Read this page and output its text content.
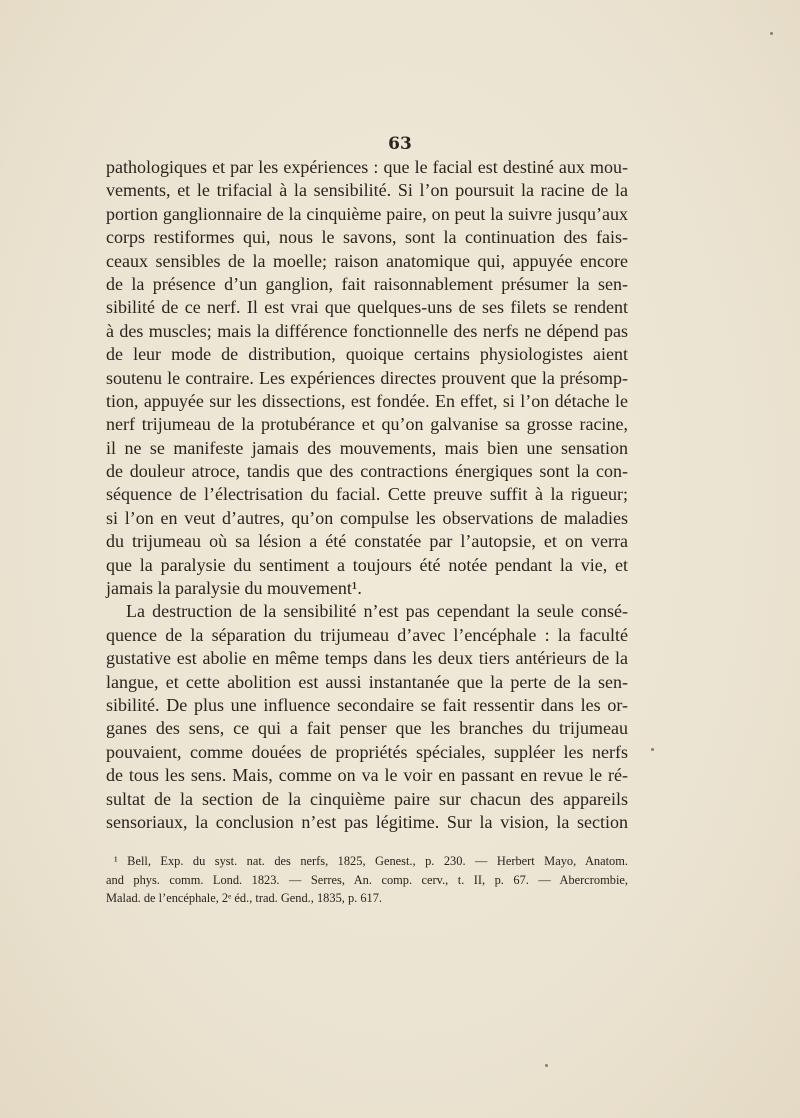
63
pathologiques et par les expériences : que le facial est destiné aux mou-
vements, et le trifacial à la sensibilité. Si l’on poursuit la racine de la
portion ganglionnaire de la cinquième paire, on peut la suivre jusqu’aux
corps restiformes qui, nous le savons, sont la continuation des fais-
ceaux sensibles de la moelle; raison anatomique qui, appuyée encore
de la présence d’un ganglion, fait raisonnablement présumer la sen-
sibilité de ce nerf. Il est vrai que quelques-uns de ses filets se rendent
à des muscles; mais la différence fonctionnelle des nerfs ne dépend pas
de leur mode de distribution, quoique certains physiologistes aient
soutenu le contraire. Les expériences directes prouvent que la présomp-
tion, appuyée sur les dissections, est fondée. En effet, si l’on détache le
nerf trijumeau de la protubérance et qu’on galvanise sa grosse racine,
il ne se manifeste jamais des mouvements, mais bien une sensation
de douleur atroce, tandis que des contractions énergiques sont la con-
séquence de l’électrisation du facial. Cette preuve suffit à la rigueur;
si l’on en veut d’autres, qu’on compulse les observations de maladies
du trijumeau où sa lésion a été constatée par l’autopsie, et on verra
que la paralysie du sentiment a toujours été notée pendant la vie, et
jamais la paralysie du mouvement¹.
La destruction de la sensibilité n’est pas cependant la seule consé-
quence de la séparation du trijumeau d’avec l’encéphale : la faculté
gustative est abolie en même temps dans les deux tiers antérieurs de la
langue, et cette abolition est aussi instantanée que la perte de la sen-
sibilité. De plus une influence secondaire se fait ressentir dans les or-
ganes des sens, ce qui a fait penser que les branches du trijumeau
pouvaient, comme douées de propriétés spéciales, suppléer les nerfs
de tous les sens. Mais, comme on va le voir en passant en revue le ré-
sultat de la section de la cinquième paire sur chacun des appareils
sensoriaux, la conclusion n’est pas légitime. Sur la vision, la section
¹ Bell, Exp. du syst. nat. des nerfs, 1825, Genest., p. 230. — Herbert Mayo, Anatom.
and phys. comm. Lond. 1823. — Serres, An. comp. cerv., t. II, p. 67. — Abercrombie,
Malad. de l’encéphale, 2ᵉ éd., trad. Gend., 1835, p. 617.
